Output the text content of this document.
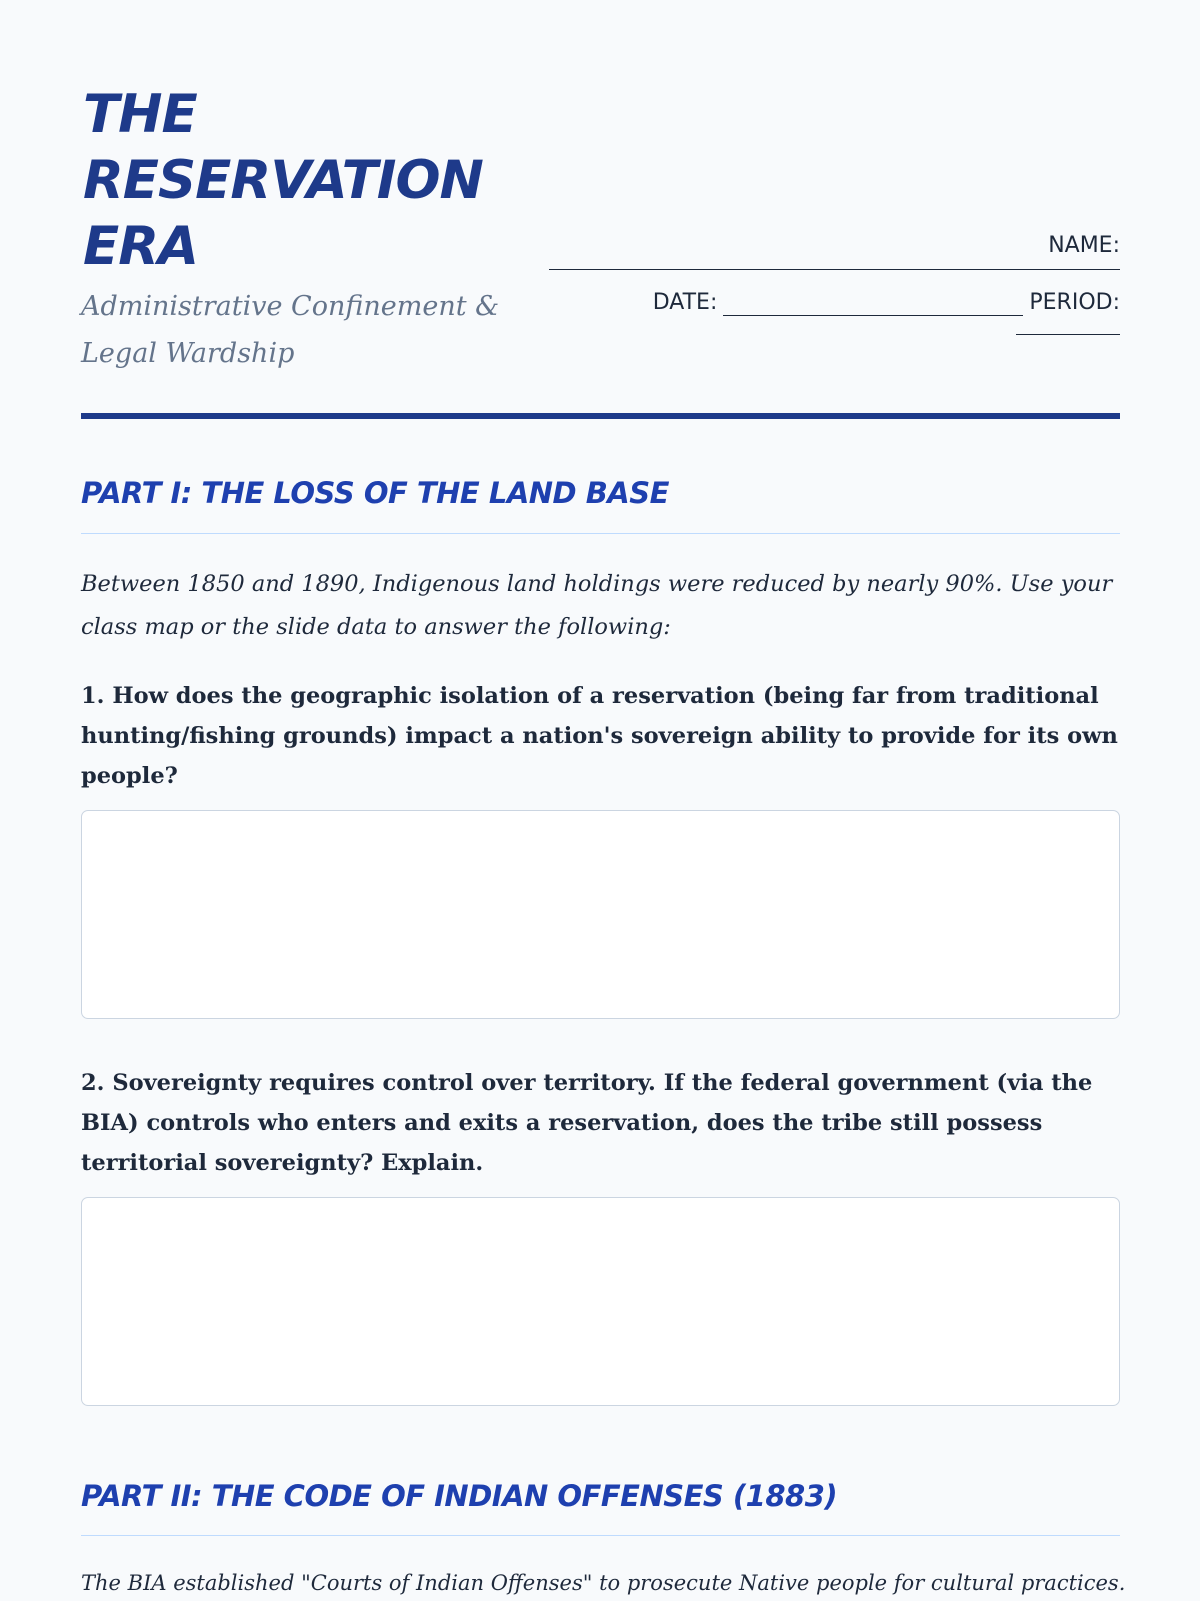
THE RESERVATION ERA

Administrative Confinement & Legal Wardship

NAME:
DATE:	PERIOD:
PART I: THE LOSS OF THE LAND BASE

Between 1850 and 1890, Indigenous land holdings were reduced by nearly 90%. Use your class map or the slide data to answer the following:

1. How does the geographic isolation of a reservation (being far from traditional hunting/fishing grounds) impact a nation's sovereign ability to provide for its own people?

2. Sovereignty requires control over territory. If the federal government (via the BIA) controls who enters and exits a reservation, does the tribe still possess territorial sovereignty? Explain.

PART II: THE CODE OF INDIAN OFFENSES (1883)

The BIA established "Courts of Indian Offenses" to prosecute Native people for cultural practices.
